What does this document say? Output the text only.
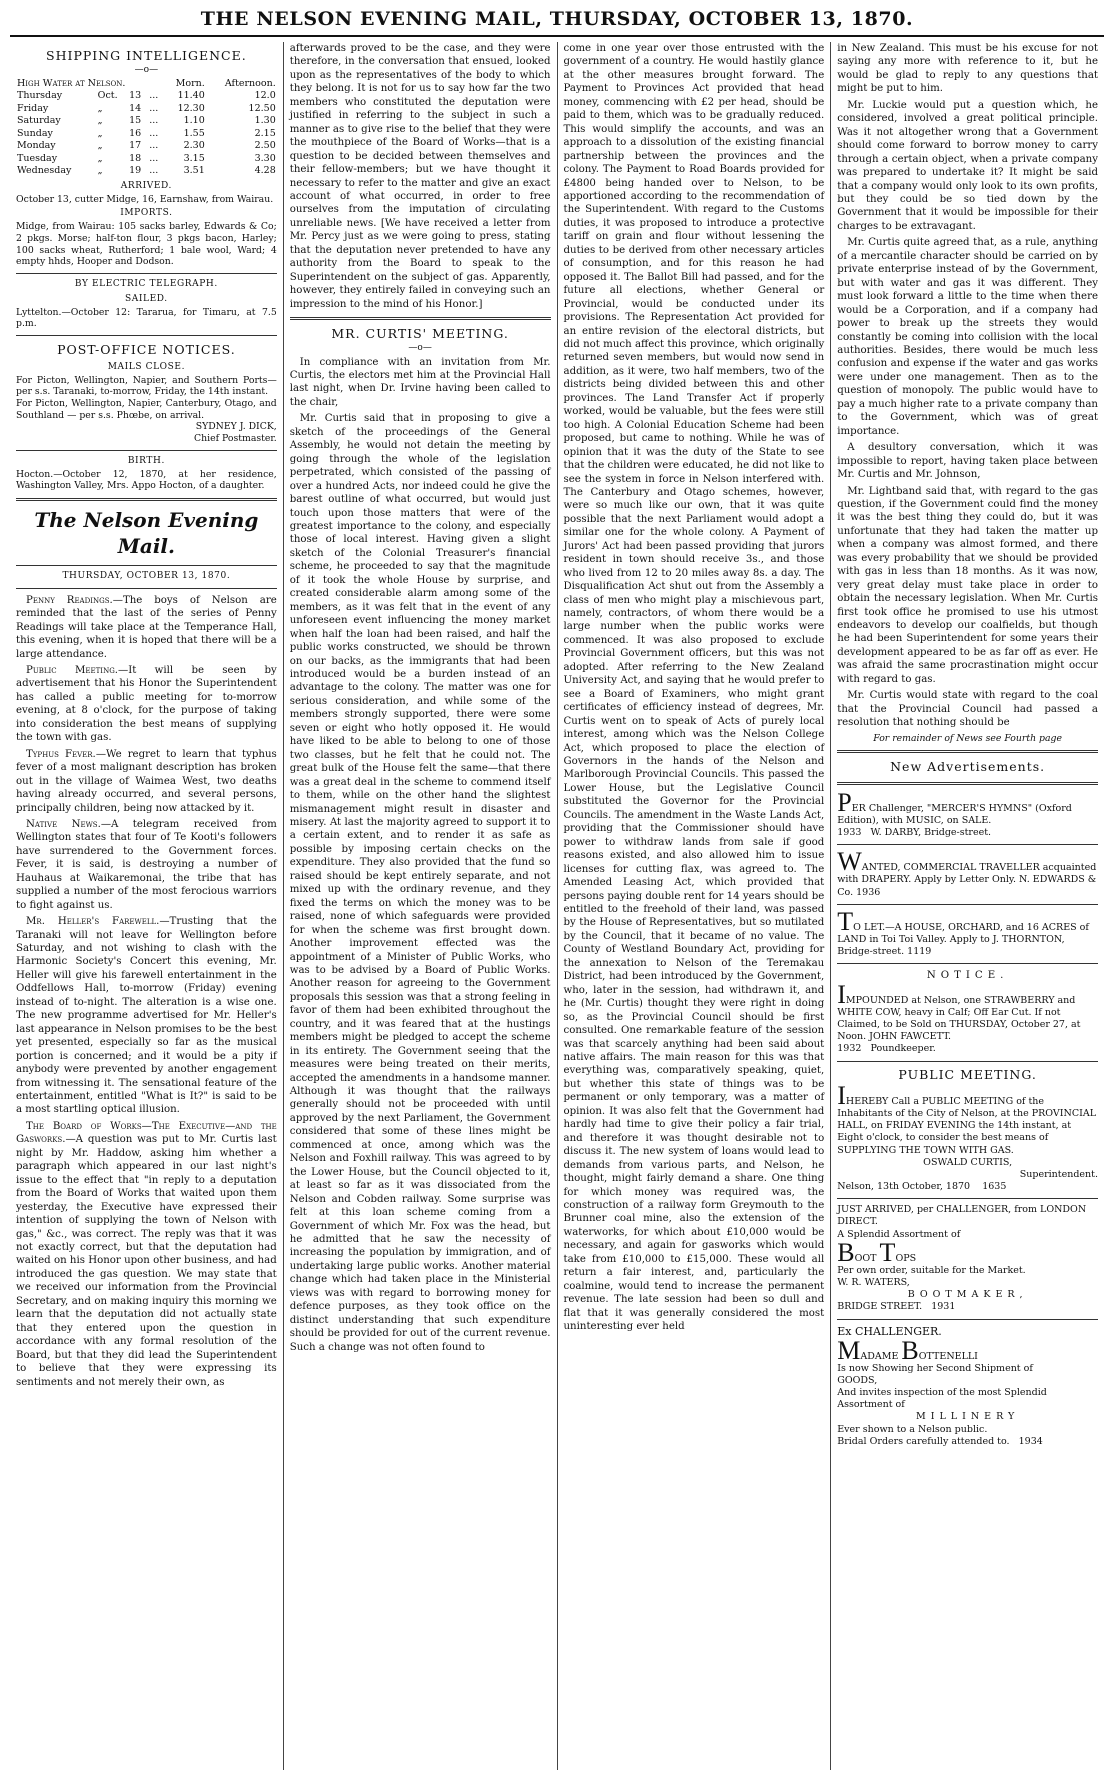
THE NELSON EVENING MAIL, THURSDAY, OCTOBER 13, 1870.
SHIPPING INTELLIGENCE.
—o—
High Water at Nelson.				Morn.	Afternoon.
Thursday	Oct.	13	...	11.40	12.0
Friday	„	14	...	12.30	12.50
Saturday	„	15	...	1.10	1.30
Sunday	„	16	...	1.55	2.15
Monday	„	17	...	2.30	2.50
Tuesday	„	18	...	3.15	3.30
Wednesday	„	19	...	3.51	4.28
ARRIVED.
October 13, cutter Midge, 16, Earnshaw, from Wairau.
IMPORTS.
Midge, from Wairau: 105 sacks barley, Edwards & Co; 2 pkgs. Morse; half-ton flour, 3 pkgs bacon, Harley; 100 sacks wheat, Rutherford; 1 bale wool, Ward; 4 empty hhds, Hooper and Dodson.
BY ELECTRIC TELEGRAPH.
SAILED.
Lyttelton.—October 12: Tararua, for Timaru, at 7.5 p.m.
POST-OFFICE NOTICES.
MAILS CLOSE.
For Picton, Wellington, Napier, and Southern Ports—per s.s. Taranaki, to-morrow, Friday, the 14th instant.
For Picton, Wellington, Napier, Canterbury, Otago, and Southland — per s.s. Phœbe, on arrival.
SYDNEY J. DICK,
Chief Postmaster.
BIRTH.
Hocton.—October 12, 1870, at her residence, Washington Valley, Mrs. Appo Hocton, of a daughter.
The Nelson Evening Mail.
THURSDAY, OCTOBER 13, 1870.

Penny Readings.—The boys of Nelson are reminded that the last of the series of Penny Readings will take place at the Temperance Hall, this evening, when it is hoped that there will be a large attendance.

Public Meeting.—It will be seen by advertisement that his Honor the Superintendent has called a public meeting for to-morrow evening, at 8 o'clock, for the purpose of taking into consideration the best means of supplying the town with gas.

Typhus Fever.—We regret to learn that typhus fever of a most malignant description has broken out in the village of Waimea West, two deaths having already occurred, and several persons, principally children, being now attacked by it.

Native News.—A telegram received from Wellington states that four of Te Kooti's followers have surrendered to the Government forces. Fever, it is said, is destroying a number of Hauhaus at Waikaremonai, the tribe that has supplied a number of the most ferocious warriors to fight against us.

Mr. Heller's Farewell.—Trusting that the Taranaki will not leave for Wellington before Saturday, and not wishing to clash with the Harmonic Society's Concert this evening, Mr. Heller will give his farewell entertainment in the Oddfellows Hall, to-morrow (Friday) evening instead of to-night. The alteration is a wise one. The new programme advertised for Mr. Heller's last appearance in Nelson promises to be the best yet presented, especially so far as the musical portion is concerned; and it would be a pity if anybody were prevented by another engagement from witnessing it. The sensational feature of the entertainment, entitled "What is It?" is said to be a most startling optical illusion.

The Board of Works—The Executive—and the Gasworks.—A question was put to Mr. Curtis last night by Mr. Haddow, asking him whether a paragraph which appeared in our last night's issue to the effect that "in reply to a deputation from the Board of Works that waited upon them yesterday, the Executive have expressed their intention of supplying the town of Nelson with gas," &c., was correct. The reply was that it was not exactly correct, but that the deputation had waited on his Honor upon other business, and had introduced the gas question. We may state that we received our information from the Provincial Secretary, and on making inquiry this morning we learn that the deputation did not actually state that they entered upon the question in accordance with any formal resolution of the Board, but that they did lead the Superintendent to believe that they were expressing its sentiments and not merely their own, as

afterwards proved to be the case, and they were therefore, in the conversation that ensued, looked upon as the representatives of the body to which they belong. It is not for us to say how far the two members who constituted the deputation were justified in referring to the subject in such a manner as to give rise to the belief that they were the mouthpiece of the Board of Works—that is a question to be decided between themselves and their fellow-members; but we have thought it necessary to refer to the matter and give an exact account of what occurred, in order to free ourselves from the imputation of circulating unreliable news. [We have received a letter from Mr. Percy just as we were going to press, stating that the deputation never pretended to have any authority from the Board to speak to the Superintendent on the subject of gas. Apparently, however, they entirely failed in conveying such an impression to the mind of his Honor.]

MR. CURTIS' MEETING.
—o—

In compliance with an invitation from Mr. Curtis, the electors met him at the Provincial Hall last night, when Dr. Irvine having been called to the chair,

Mr. Curtis said that in proposing to give a sketch of the proceedings of the General Assembly, he would not detain the meeting by going through the whole of the legislation perpetrated, which consisted of the passing of over a hundred Acts, nor indeed could he give the barest outline of what occurred, but would just touch upon those matters that were of the greatest importance to the colony, and especially those of local interest. Having given a slight sketch of the Colonial Treasurer's financial scheme, he proceeded to say that the magnitude of it took the whole House by surprise, and created considerable alarm among some of the members, as it was felt that in the event of any unforeseen event influencing the money market when half the loan had been raised, and half the public works constructed, we should be thrown on our backs, as the immigrants that had been introduced would be a burden instead of an advantage to the colony. The matter was one for serious consideration, and while some of the members strongly supported, there were some seven or eight who hotly opposed it. He would have liked to be able to belong to one of those two classes, but he felt that he could not. The great bulk of the House felt the same—that there was a great deal in the scheme to commend itself to them, while on the other hand the slightest mismanagement might result in disaster and misery. At last the majority agreed to support it to a certain extent, and to render it as safe as possible by imposing certain checks on the expenditure. They also provided that the fund so raised should be kept entirely separate, and not mixed up with the ordinary revenue, and they fixed the terms on which the money was to be raised, none of which safeguards were provided for when the scheme was first brought down. Another improvement effected was the appointment of a Minister of Public Works, who was to be advised by a Board of Public Works. Another reason for agreeing to the Government proposals this session was that a strong feeling in favor of them had been exhibited throughout the country, and it was feared that at the hustings members might be pledged to accept the scheme in its entirety. The Government seeing that the measures were being treated on their merits, accepted the amendments in a handsome manner. Although it was thought that the railways generally should not be proceeded with until approved by the next Parliament, the Government considered that some of these lines might be commenced at once, among which was the Nelson and Foxhill railway. This was agreed to by the Lower House, but the Council objected to it, at least so far as it was dissociated from the Nelson and Cobden railway. Some surprise was felt at this loan scheme coming from a Government of which Mr. Fox was the head, but he admitted that he saw the necessity of increasing the population by immigration, and of undertaking large public works. Another material change which had taken place in the Ministerial views was with regard to borrowing money for defence purposes, as they took office on the distinct understanding that such expenditure should be provided for out of the current revenue. Such a change was not often found to

come in one year over those entrusted with the government of a country. He would hastily glance at the other measures brought forward. The Payment to Provinces Act provided that head money, commencing with £2 per head, should be paid to them, which was to be gradually reduced. This would simplify the accounts, and was an approach to a dissolution of the existing financial partnership between the provinces and the colony. The Payment to Road Boards provided for £4800 being handed over to Nelson, to be apportioned according to the recommendation of the Superintendent. With regard to the Customs duties, it was proposed to introduce a protective tariff on grain and flour without lessening the duties to be derived from other necessary articles of consumption, and for this reason he had opposed it. The Ballot Bill had passed, and for the future all elections, whether General or Provincial, would be conducted under its provisions. The Representation Act provided for an entire revision of the electoral districts, but did not much affect this province, which originally returned seven members, but would now send in addition, as it were, two half members, two of the districts being divided between this and other provinces. The Land Transfer Act if properly worked, would be valuable, but the fees were still too high. A Colonial Education Scheme had been proposed, but came to nothing. While he was of opinion that it was the duty of the State to see that the children were educated, he did not like to see the system in force in Nelson interfered with. The Canterbury and Otago schemes, however, were so much like our own, that it was quite possible that the next Parliament would adopt a similar one for the whole colony. A Payment of Jurors' Act had been passed providing that jurors resident in town should receive 3s., and those who lived from 12 to 20 miles away 8s. a day. The Disqualification Act shut out from the Assembly a class of men who might play a mischievous part, namely, contractors, of whom there would be a large number when the public works were commenced. It was also proposed to exclude Provincial Government officers, but this was not adopted. After referring to the New Zealand University Act, and saying that he would prefer to see a Board of Examiners, who might grant certificates of efficiency instead of degrees, Mr. Curtis went on to speak of Acts of purely local interest, among which was the Nelson College Act, which proposed to place the election of Governors in the hands of the Nelson and Marlborough Provincial Councils. This passed the Lower House, but the Legislative Council substituted the Governor for the Provincial Councils. The amendment in the Waste Lands Act, providing that the Commissioner should have power to withdraw lands from sale if good reasons existed, and also allowed him to issue licenses for cutting flax, was agreed to. The Amended Leasing Act, which provided that persons paying double rent for 14 years should be entitled to the freehold of their land, was passed by the House of Representatives, but so mutilated by the Council, that it became of no value. The County of Westland Boundary Act, providing for the annexation to Nelson of the Teremakau District, had been introduced by the Government, who, later in the session, had withdrawn it, and he (Mr. Curtis) thought they were right in doing so, as the Provincial Council should be first consulted. One remarkable feature of the session was that scarcely anything had been said about native affairs. The main reason for this was that everything was, comparatively speaking, quiet, but whether this state of things was to be permanent or only temporary, was a matter of opinion. It was also felt that the Government had hardly had time to give their policy a fair trial, and therefore it was thought desirable not to discuss it. The new system of loans would lead to demands from various parts, and Nelson, he thought, might fairly demand a share. One thing for which money was required was, the construction of a railway form Greymouth to the Brunner coal mine, also the extension of the waterworks, for which about £10,000 would be necessary, and again for gasworks which would take from £10,000 to £15,000. These would all return a fair interest, and, particularly the coalmine, would tend to increase the permanent revenue. The late session had been so dull and flat that it was generally considered the most uninteresting ever held

in New Zealand. This must be his excuse for not saying any more with reference to it, but he would be glad to reply to any questions that might be put to him.

Mr. Luckie would put a question which, he considered, involved a great political principle. Was it not altogether wrong that a Government should come forward to borrow money to carry through a certain object, when a private company was prepared to undertake it? It might be said that a company would only look to its own profits, but they could be so tied down by the Government that it would be impossible for their charges to be extravagant.

Mr. Curtis quite agreed that, as a rule, anything of a mercantile character should be carried on by private enterprise instead of by the Government, but with water and gas it was different. They must look forward a little to the time when there would be a Corporation, and if a company had power to break up the streets they would constantly be coming into collision with the local authorities. Besides, there would be much less confusion and expense if the water and gas works were under one management. Then as to the question of monopoly. The public would have to pay a much higher rate to a private company than to the Government, which was of great importance.

A desultory conversation, which it was impossible to report, having taken place between Mr. Curtis and Mr. Johnson,

Mr. Lightband said that, with regard to the gas question, if the Government could find the money it was the best thing they could do, but it was unfortunate that they had taken the matter up when a company was almost formed, and there was every probability that we should be provided with gas in less than 18 months. As it was now, very great delay must take place in order to obtain the necessary legislation. When Mr. Curtis first took office he promised to use his utmost endeavors to develop our coalfields, but though he had been Superintendent for some years their development appeared to be as far off as ever. He was afraid the same procrastination might occur with regard to gas.

Mr. Curtis would state with regard to the coal that the Provincial Council had passed a resolution that nothing should be

For remainder of News see Fourth page
New Advertisements.

PER Challenger, "MERCER'S HYMNS" (Oxford Edition), with MUSIC, on SALE.

1933 W. DARBY, Bridge-street.

WANTED, COMMERCIAL TRAVELLER acquainted with DRAPERY. Apply by Letter Only. N. EDWARDS & Co. 1936

TO LET.—A HOUSE, ORCHARD, and 16 ACRES of LAND in Toi Toi Valley. Apply to J. THORNTON, Bridge-street. 1119

NOTICE.

IMPOUNDED at Nelson, one STRAWBERRY and WHITE COW, heavy in Calf; Off Ear Cut. If not Claimed, to be Sold on THURSDAY, October 27, at Noon. JOHN FAWCETT.

1932 Poundkeeper.

PUBLIC MEETING.

IHEREBY Call a PUBLIC MEETING of the Inhabitants of the City of Nelson, at the PROVINCIAL HALL, on FRIDAY EVENING the 14th instant, at Eight o'clock, to consider the best means of SUPPLYING THE TOWN WITH GAS.

OSWALD CURTIS,

Superintendent.

Nelson, 13th October, 1870 1635

JUST ARRIVED, per CHALLENGER, from LONDON DIRECT.

A Splendid Assortment of

BOOT TOPS

Per own order, suitable for the Market.

W. R. WATERS,

BOOTMAKER,

BRIDGE STREET. 1931

Ex CHALLENGER.

MADAME BOTTENELLI

Is now Showing her Second Shipment of

GOODS,

And invites inspection of the most Splendid Assortment of

MILLINERY

Ever shown to a Nelson public.

Bridal Orders carefully attended to. 1934
